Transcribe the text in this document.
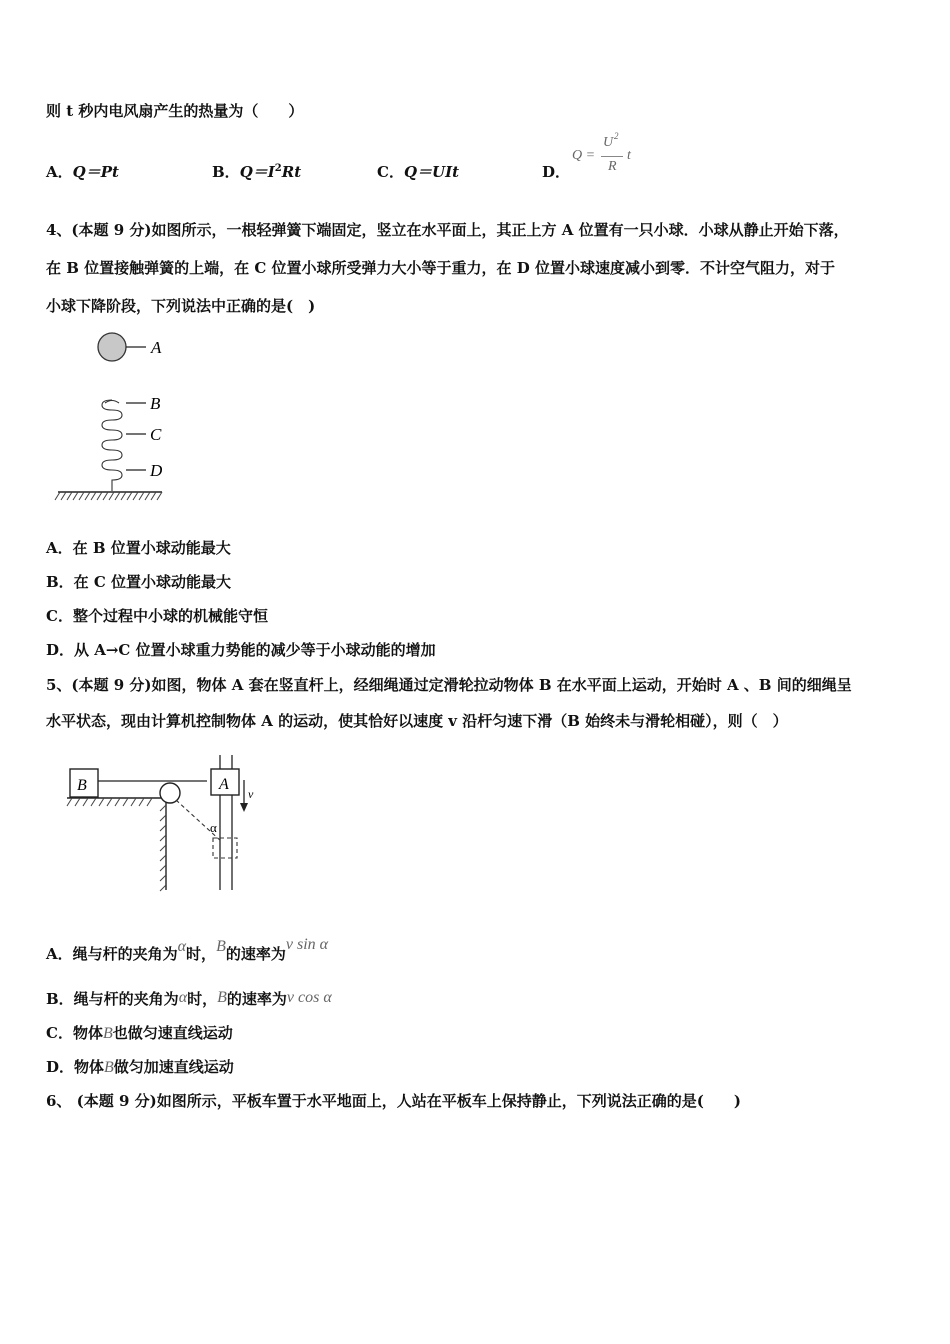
则 t 秒内电风扇产生的热量为（　　）
A．Q＝Pt	B．$Q=I^2Rt$	C．Q＝UIt	D．
Q =
U 2
R
t
4、(本题 9 分)如图所示，一根轻弹簧下端固定，竖立在水平面上，其正上方 A 位置有一只小球．小球从静止开始下落，
在 B 位置接触弹簧的上端，在 C 位置小球所受弹力大小等于重力，在 D 位置小球速度减小到零．不计空气阻力，对于
小球下降阶段，下列说法中正确的是(　)
A
B
C
D
A．在 B 位置小球动能最大
B．在 C 位置小球动能最大
C．整个过程中小球的机械能守恒
D．从 A→C 位置小球重力势能的减少等于小球动能的增加
5、(本题 9 分)如图，物体 A 套在竖直杆上，经细绳通过定滑轮拉动物体 B 在水平面上运动，开始时 A 、B 间的细绳呈
水平状态，现由计算机控制物体 A 的运动，使其恰好以速度 v 沿杆匀速下滑（B 始终未与滑轮相碰），则（　）
B	A
α
v
A．绳与杆的夹角为α时，B的速率为v sin α
B．绳与杆的夹角为α时，B的速率为v cos α
C．物体B也做匀速直线运动
D．物体B做匀加速直线运动
6、 (本题 9 分)如图所示，平板车置于水平地面上，人站在平板车上保持静止，下列说法正确的是(　　)
